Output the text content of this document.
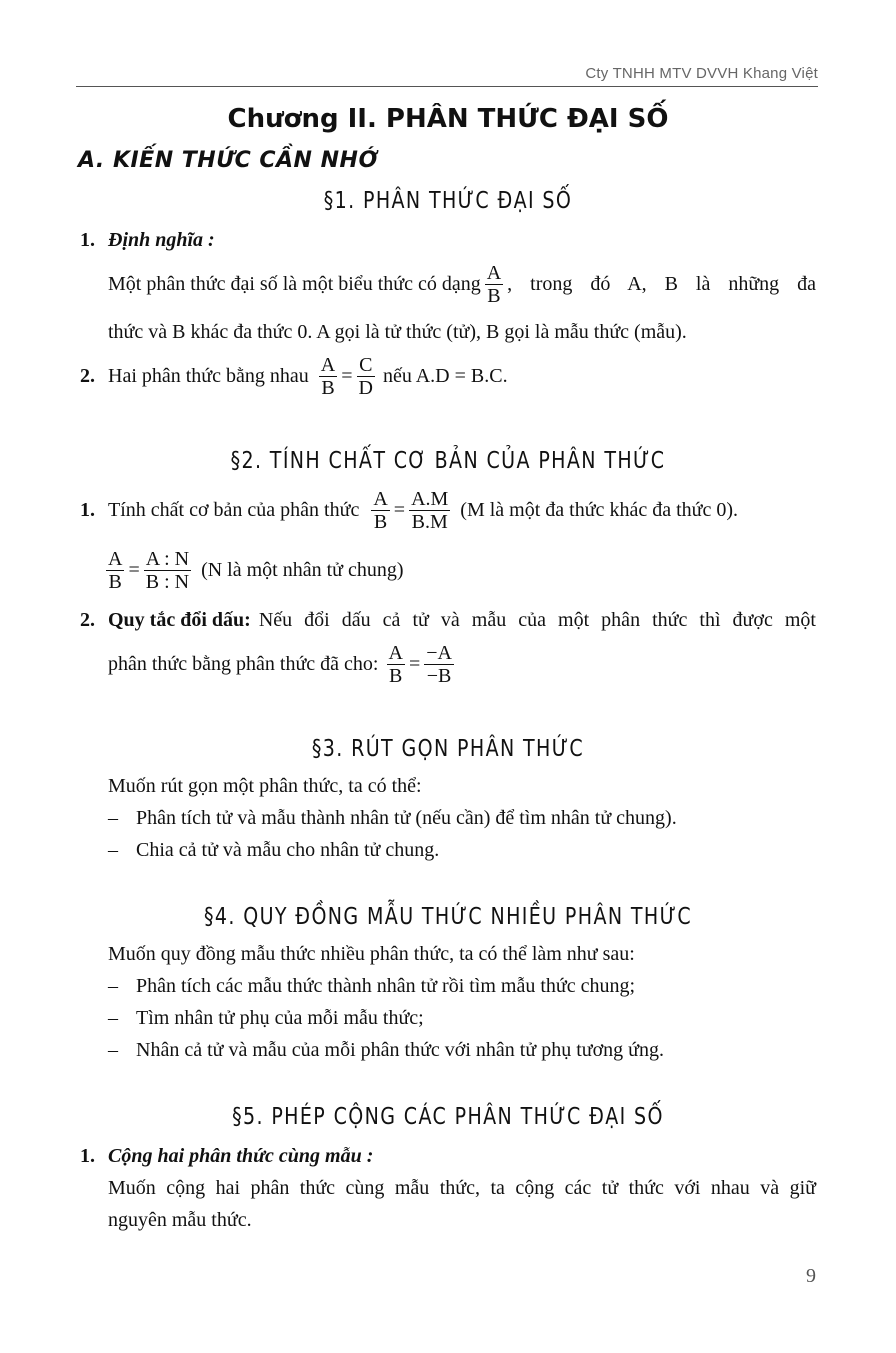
Cty TNHH MTV DVVH Khang Việt
Chương II. PHÂN THỨC ĐẠI SỐ
A. KIẾN THỨC CẦN NHỚ
§1. PHÂN THỨC ĐẠI SỐ
1. Định nghĩa :
Một phân thức đại số là một biểu thức có dạng $\frac{A}{B}$ , trong đó A, B là những đa
thức và B khác đa thức 0. A gọi là tử thức (tử), B gọi là mẫu thức (mẫu).
2. Hai phân thức bằng nhau $\frac{A}{B} = \frac{C}{D}$ nếu A.D = B.C.
§2. TÍNH CHẤT CƠ BẢN CỦA PHÂN THỨC
1. Tính chất cơ bản của phân thức $\frac{A}{B} = \frac{A.M}{B.M} (M$ là một đa thức khác đa thức 0).
$\frac{A}{B} = \frac{A : N}{B : N} (N$ là một nhân tử chung)
2. Quy tắc đổi dấu: Nếu đổi dấu cả tử và mẫu của một phân thức thì được một
phân thức bằng phân thức đã cho: $\frac{A}{B} = \frac{-A}{-B}$
§3. RÚT GỌN PHÂN THỨC
Muốn rút gọn một phân thức, ta có thể:
– Phân tích tử và mẫu thành nhân tử (nếu cần) để tìm nhân tử chung).
– Chia cả tử và mẫu cho nhân tử chung.
§4. QUY ĐỒNG MẪU THỨC NHIỀU PHÂN THỨC
Muốn quy đồng mẫu thức nhiều phân thức, ta có thể làm như sau:
– Phân tích các mẫu thức thành nhân tử rồi tìm mẫu thức chung;
– Tìm nhân tử phụ của mỗi mẫu thức;
– Nhân cả tử và mẫu của mỗi phân thức với nhân tử phụ tương ứng.
§5. PHÉP CỘNG CÁC PHÂN THỨC ĐẠI SỐ
1. Cộng hai phân thức cùng mẫu :
Muốn cộng hai phân thức cùng mẫu thức, ta cộng các tử thức với nhau và giữ
nguyên mẫu thức.
9
